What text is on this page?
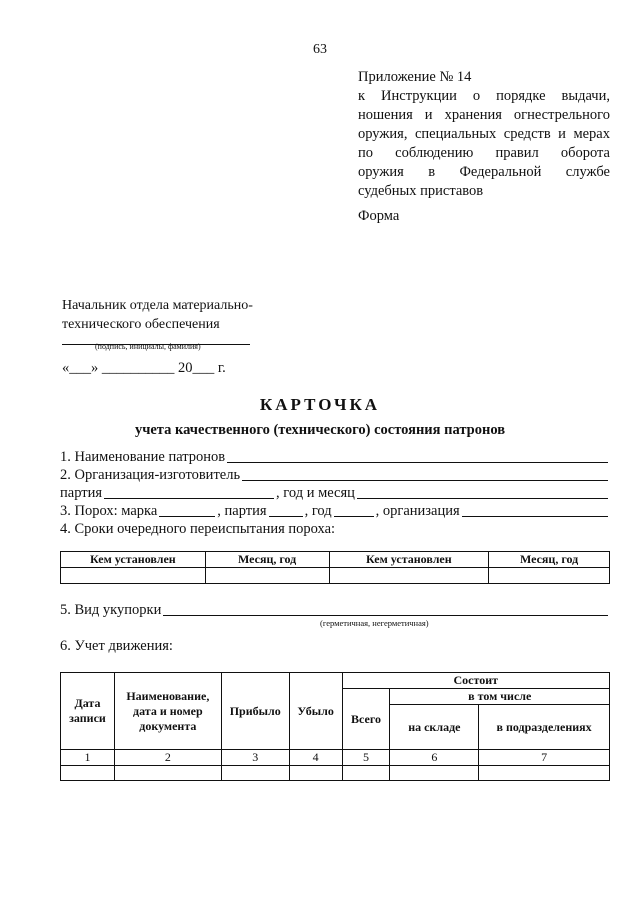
63
Приложение № 14
к Инструкции о порядке выдачи,
ношения и хранения огнестрельного
оружия, специальных средств и мерах
по соблюдению правил оборота
оружия в Федеральной службе
судебных приставов
Форма
Начальник отдела материально-
технического обеспечения
(подпись, инициалы, фамилия)
«___» __________ 20___ г.
КАРТОЧКА
учета качественного (технического) состояния патронов
1. Наименование патронов
2. Организация-изготовитель
партия	, год и месяц
3. Порох: марка	, партия	, год	, организация
4. Сроки очередного переиспытания пороха:
Кем установлен	Месяц, год	Кем установлен	Месяц, год

5. Вид укупорки
(герметичная, негерметичная)
6. Учет движения:
Дата записи	Наименование, дата и номер документа	Прибыло	Убыло	Состоит		
				Всего	в том числе	
					на складе	в подразделениях
1	2	3	4	5	6	7
